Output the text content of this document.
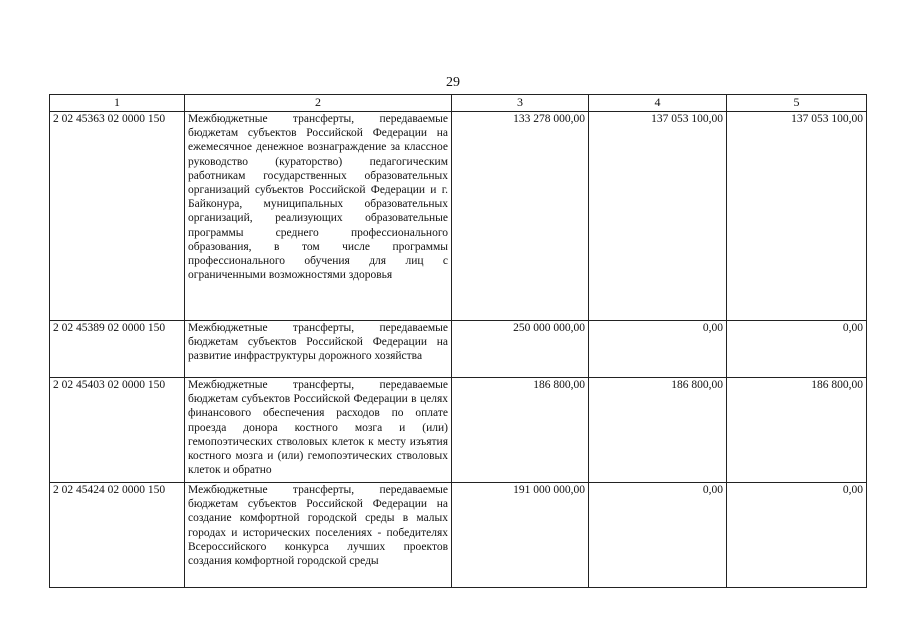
29
1	2	3	4	5
2 02 45363 02 0000 150	Межбюджетные трансферты, передаваемые бюджетам субъектов Российской Федерации на ежемесячное денежное вознаграждение за классное руководство (кураторство) педагогическим работникам государственных образовательных организаций субъектов Российской Федерации и г. Байконура, муниципальных образовательных организаций, реализующих образовательные программы среднего профессионального образования, в том числе программы профессионального обучения для лиц с ограниченными возможностями здоровья	133 278 000,00	137 053 100,00	137 053 100,00
2 02 45389 02 0000 150	Межбюджетные трансферты, передаваемые бюджетам субъектов Российской Федерации на развитие инфраструктуры дорожного хозяйства	250 000 000,00	0,00	0,00
2 02 45403 02 0000 150	Межбюджетные трансферты, передаваемые бюджетам субъектов Российской Федерации в целях финансового обеспечения расходов по оплате проезда донора костного мозга и (или) гемопоэтических стволовых клеток к месту изъятия костного мозга и (или) гемопоэтических стволовых клеток и обратно	186 800,00	186 800,00	186 800,00
2 02 45424 02 0000 150	Межбюджетные трансферты, передаваемые бюджетам субъектов Российской Федерации на создание комфортной городской среды в малых городах и исторических поселениях - победителях Всероссийского конкурса лучших проектов создания комфортной городской среды	191 000 000,00	0,00	0,00
